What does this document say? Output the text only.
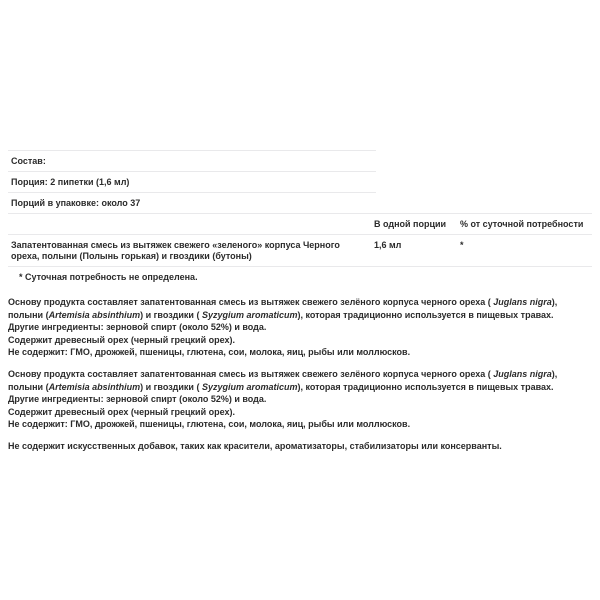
Состав:
Порция: 2 пипетки (1,6 мл)
Порций в упаковке: около 37
В одной порции	% от суточной потребности
Запатентованная смесь из вытяжек свежего «зеленого» корпуса Черного ореха, полыни (Полынь горькая) и гвоздики (бутоны)
1,6 мл	*
* Суточная потребность не определена.
Основу продукта составляет запатентованная смесь из вытяжек свежего зелёного корпуса черного ореха ( Juglans nigra),
полыни (Artemisia absinthium) и гвоздики ( Syzygium aromaticum), которая традиционно используется в пищевых травах.
Другие ингредиенты: зерновой спирт (около 52%) и вода.
Содержит древесный орех (черный грецкий орех).
Не содержит: ГМО, дрожжей, пшеницы, глютена, сои, молока, яиц, рыбы или моллюсков.
Основу продукта составляет запатентованная смесь из вытяжек свежего зелёного корпуса черного ореха ( Juglans nigra),
полыни (Artemisia absinthium) и гвоздики ( Syzygium aromaticum), которая традиционно используется в пищевых травах.
Другие ингредиенты: зерновой спирт (около 52%) и вода.
Содержит древесный орех (черный грецкий орех).
Не содержит: ГМО, дрожжей, пшеницы, глютена, сои, молока, яиц, рыбы или моллюсков.
Не содержит искусственных добавок, таких как красители, ароматизаторы, стабилизаторы или консерванты.
